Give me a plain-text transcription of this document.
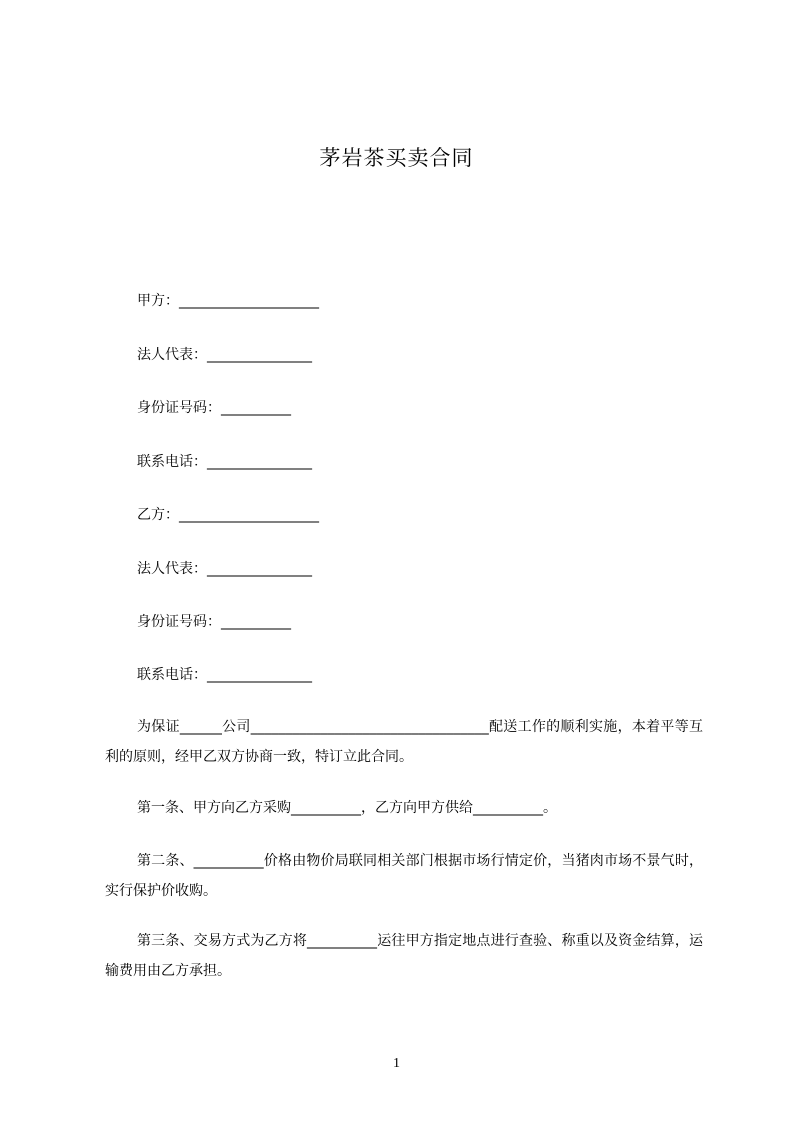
茅岩茶买卖合同
甲方：____________________
法人代表：_______________
身份证号码：__________
联系电话：_______________
乙方：____________________
法人代表：_______________
身份证号码：__________
联系电话：_______________
为保证______公司__________________________________配送工作的顺利实施，本着平等互利的原则，经甲乙双方协商一致，特订立此合同。
第一条、甲方向乙方采购__________，乙方向甲方供给__________。
第二条、__________价格由物价局联同相关部门根据市场行情定价，当猪肉市场不景气时，实行保护价收购。
第三条、交易方式为乙方将__________运往甲方指定地点进行查验、称重以及资金结算，运输费用由乙方承担。
1
